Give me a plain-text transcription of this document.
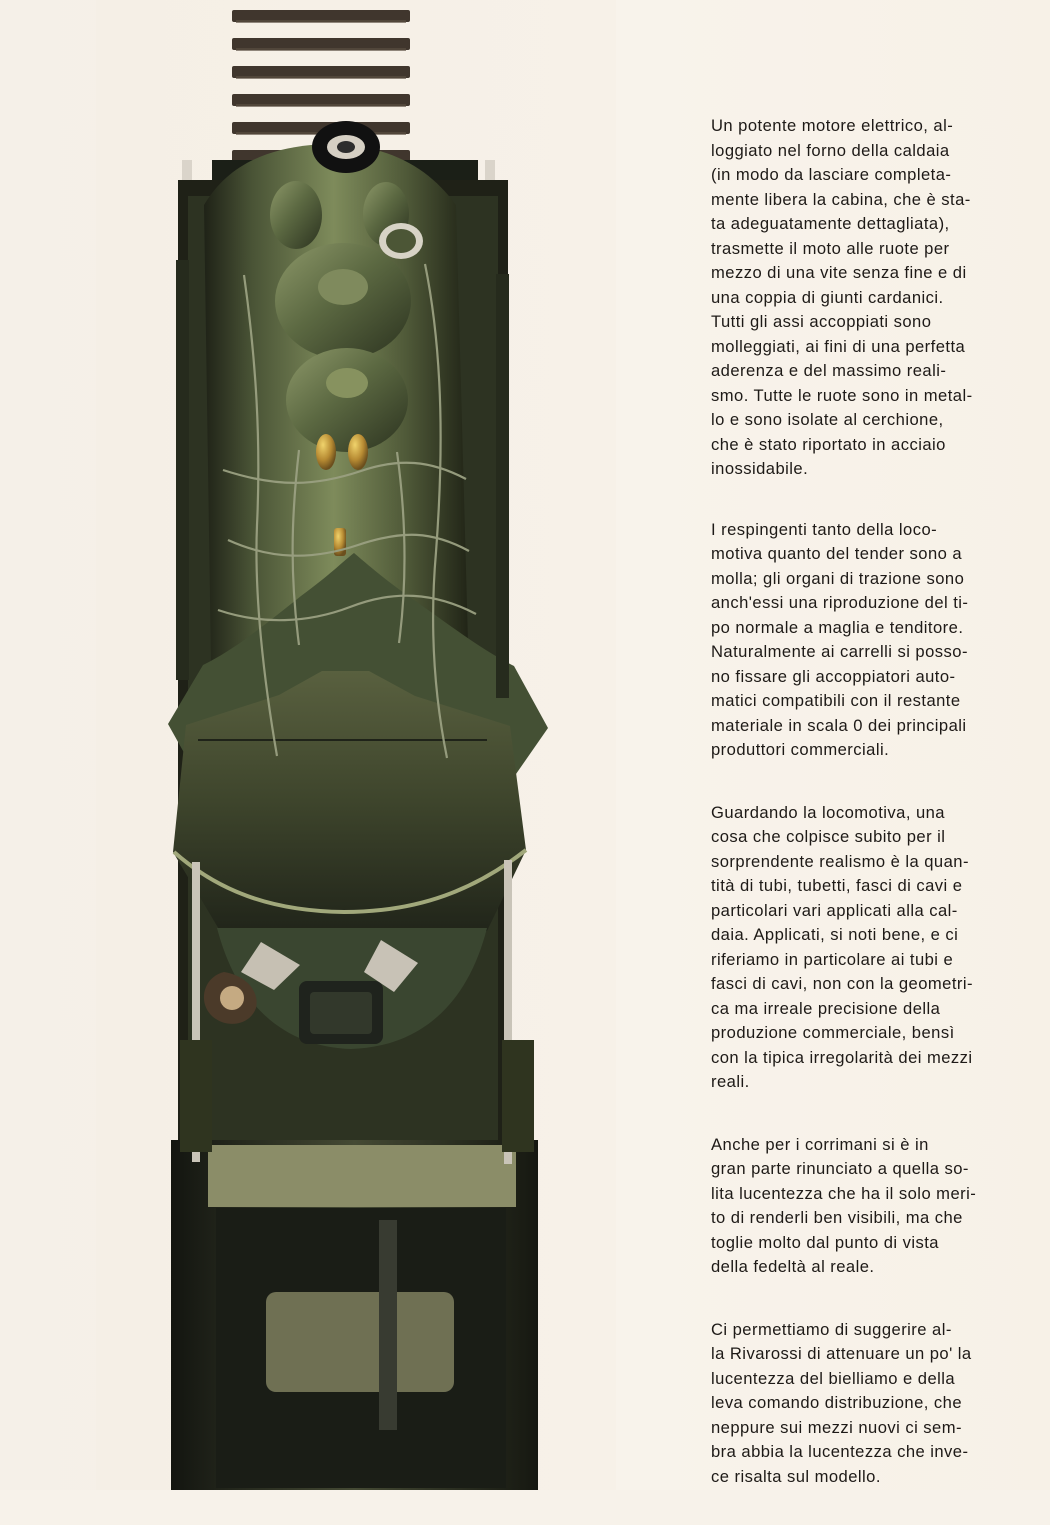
Un potente motore elettrico, al-
loggiato nel forno della caldaia
(in modo da lasciare completa-
mente libera la cabina, che è sta-
ta adeguatamente dettagliata),
trasmette il moto alle ruote per
mezzo di una vite senza fine e di
una coppia di giunti cardanici.
Tutti gli assi accoppiati sono
molleggiati, ai fini di una perfetta
aderenza e del massimo reali-
smo. Tutte le ruote sono in metal-
lo e sono isolate al cerchione,
che è stato riportato in acciaio
inossidabile.

I respingenti tanto della loco-
motiva quanto del tender sono a
molla; gli organi di trazione sono
anch'essi una riproduzione del ti-
po normale a maglia e tenditore.
Naturalmente ai carrelli si posso-
no fissare gli accoppiatori auto-
matici compatibili con il restante
materiale in scala 0 dei principali
produttori commerciali.

Guardando la locomotiva, una
cosa che colpisce subito per il
sorprendente realismo è la quan-
tità di tubi, tubetti, fasci di cavi e
particolari vari applicati alla cal-
daia. Applicati, si noti bene, e ci
riferiamo in particolare ai tubi e
fasci di cavi, non con la geometri-
ca ma irreale precisione della
produzione commerciale, bensì
con la tipica irregolarità dei mezzi
reali.

Anche per i corrimani si è in
gran parte rinunciato a quella so-
lita lucentezza che ha il solo meri-
to di renderli ben visibili, ma che
toglie molto dal punto di vista
della fedeltà al reale.

Ci permettiamo di suggerire al-
la Rivarossi di attenuare un po' la
lucentezza del bielliamo e della
leva comando distribuzione, che
neppure sui mezzi nuovi ci sem-
bra abbia la lucentezza che inve-
ce risalta sul modello.
